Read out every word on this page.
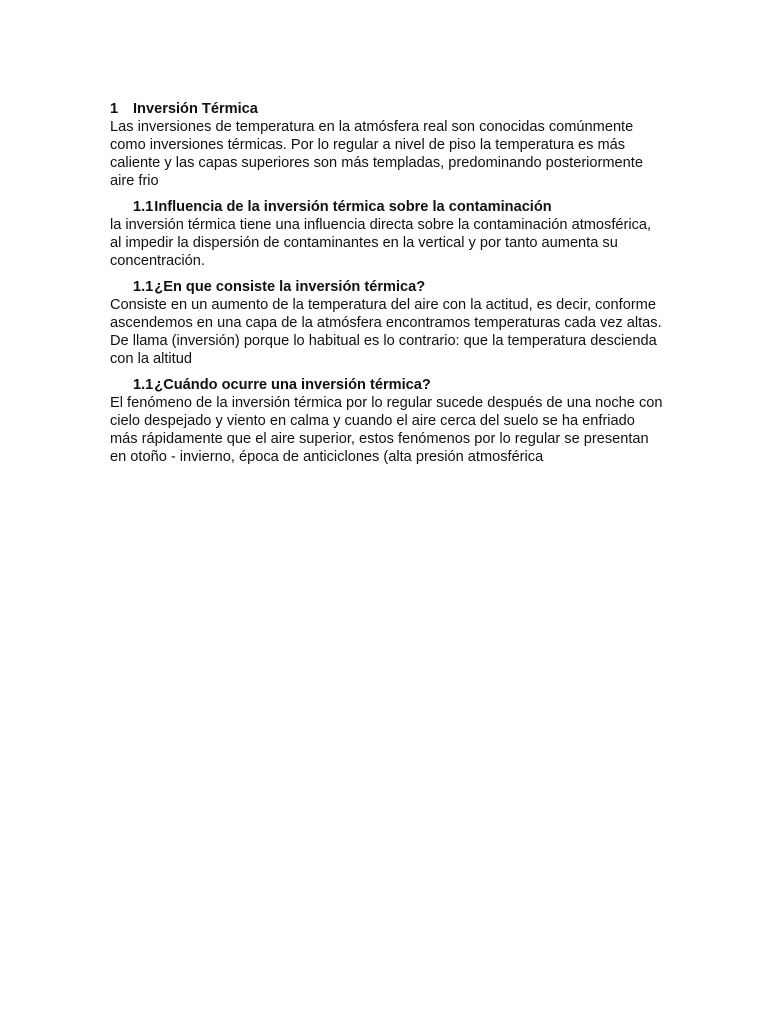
1	Inversión Térmica

Las inversiones de temperatura en la atmósfera real son conocidas comúnmente como inversiones térmicas. Por lo regular a nivel de piso la temperatura es más caliente y las capas superiores son más templadas, predominando posteriormente aire frio

1.1 Influencia de la inversión térmica sobre la contaminación

la inversión térmica tiene una influencia directa sobre la contaminación atmosférica, al impedir la dispersión de contaminantes en la vertical y por tanto aumenta su concentración.

1.1 ¿En que consiste la inversión térmica?

Consiste en un aumento de la temperatura del aire con la actitud, es decir, conforme ascendemos en una capa de la atmósfera encontramos temperaturas cada vez altas. De llama (inversión) porque lo habitual es lo contrario: que la temperatura descienda con la altitud

1.1 ¿Cuándo ocurre una inversión térmica?

El fenómeno de la inversión térmica por lo regular sucede después de una noche con cielo despejado y viento en calma y cuando el aire cerca del suelo se ha enfriado más rápidamente que el aire superior, estos fenómenos por lo regular se presentan en otoño - invierno, época de anticiclones (alta presión atmosférica
